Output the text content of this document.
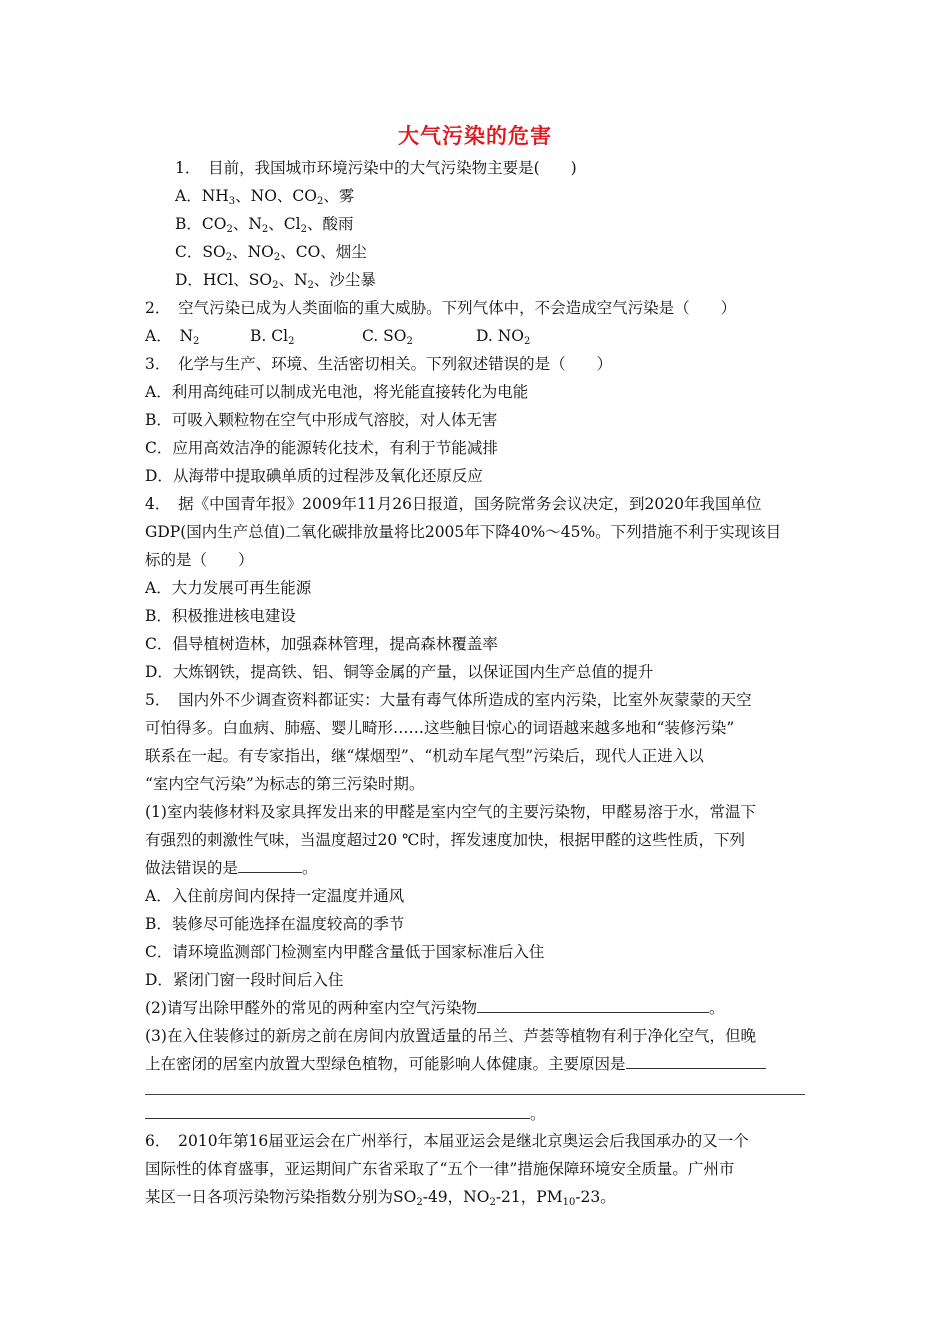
大气污染的危害
1．　目前，我国城市环境污染中的大气污染物主要是(　　)
A．$NH_3$、NO、$CO_2$、雾
B．$CO_2$、$N_2$、$Cl_2$、酸雨
C．$SO_2$、$NO_2$、CO、烟尘
D．HCl、$SO_2$、$N_2$、沙尘暴
2．　空气污染已成为人类面临的重大威胁。下列气体中，不会造成空气污染是（　　）
A．　$N_2$	B. $Cl_2$	C. $SO_2$	D. $NO_2$
3．　化学与生产、环境、生活密切相关。下列叙述错误的是（　　）
A．利用高纯硅可以制成光电池，将光能直接转化为电能
B．可吸入颗粒物在空气中形成气溶胶，对人体无害
C．应用高效洁净的能源转化技术，有利于节能减排
D．从海带中提取碘单质的过程涉及氧化还原反应
4．　据《中国青年报》2009年11月26日报道，国务院常务会议决定，到2020年我国单位
GDP(国内生产总值)二氧化碳排放量将比2005年下降40%～45%。下列措施不利于实现该目
标的是（　　）
A．大力发展可再生能源
B．积极推进核电建设
C．倡导植树造林，加强森林管理，提高森林覆盖率
D．大炼钢铁，提高铁、铝、铜等金属的产量，以保证国内生产总值的提升
5．　国内外不少调查资料都证实：大量有毒气体所造成的室内污染，比室外灰蒙蒙的天空
可怕得多。白血病、肺癌、婴儿畸形……这些触目惊心的词语越来越多地和“装修污染”
联系在一起。有专家指出，继“煤烟型”、“机动车尾气型”污染后，现代人正进入以
“室内空气污染”为标志的第三污染时期。
(1)室内装修材料及家具挥发出来的甲醛是室内空气的主要污染物，甲醛易溶于水，常温下
有强烈的刺激性气味，当温度超过20 ℃时，挥发速度加快，根据甲醛的这些性质，下列
做法错误的是	。
A．入住前房间内保持一定温度并通风
B．装修尽可能选择在温度较高的季节
C．请环境监测部门检测室内甲醛含量低于国家标准后入住
D．紧闭门窗一段时间后入住
(2)请写出除甲醛外的常见的两种室内空气污染物	。
(3)在入住装修过的新房之前在房间内放置适量的吊兰、芦荟等植物有利于净化空气，但晚
上在密闭的居室内放置大型绿色植物，可能影响人体健康。主要原因是
。
6．　2010年第16届亚运会在广州举行，本届亚运会是继北京奥运会后我国承办的又一个
国际性的体育盛事，亚运期间广东省采取了“五个一律”措施保障环境安全质量。广州市
某区一日各项污染物污染指数分别为$SO_2-49$，$NO_2-21$，$PM_{10}-23$。
